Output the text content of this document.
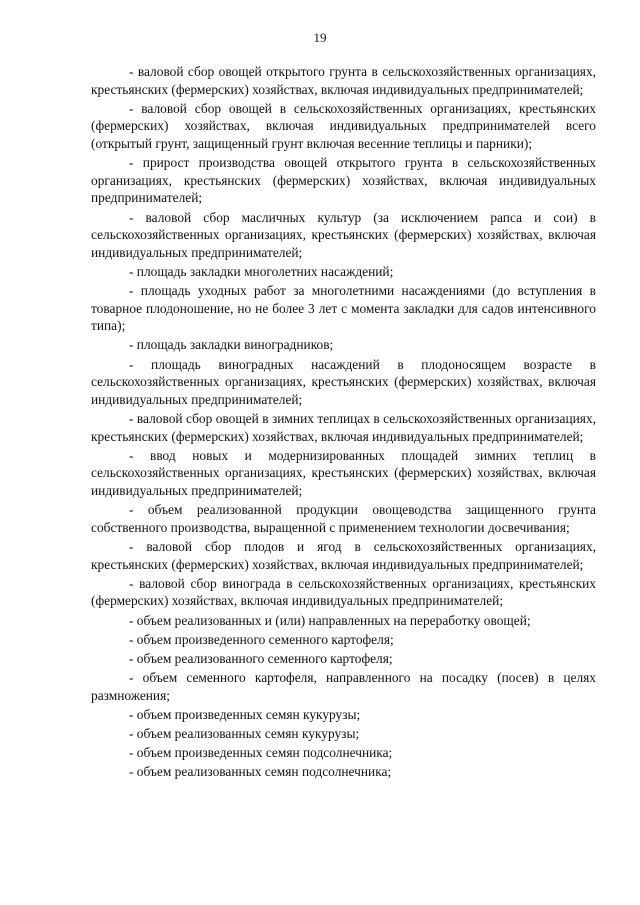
19

- валовой сбор овощей открытого грунта в сельскохозяйственных организациях, крестьянских (фермерских) хозяйствах, включая индивидуальных предпринимателей;

- валовой сбор овощей в сельскохозяйственных организациях, крестьянских (фермерских) хозяйствах, включая индивидуальных предпринимателей всего (открытый грунт, защищенный грунт включая весенние теплицы и парники);

- прирост производства овощей открытого грунта в сельскохозяйственных организациях, крестьянских (фермерских) хозяйствах, включая индивидуальных предпринимателей;

- валовой сбор масличных культур (за исключением рапса и сои) в сельскохозяйственных организациях, крестьянских (фермерских) хозяйствах, включая индивидуальных предпринимателей;

- площадь закладки многолетних насаждений;

- площадь уходных работ за многолетними насаждениями (до вступления в товарное плодоношение, но не более 3 лет с момента закладки для садов интенсивного типа);

- площадь закладки виноградников;

- площадь виноградных насаждений в плодоносящем возрасте в сельскохозяйственных организациях, крестьянских (фермерских) хозяйствах, включая индивидуальных предпринимателей;

- валовой сбор овощей в зимних теплицах в сельскохозяйственных организациях, крестьянских (фермерских) хозяйствах, включая индивидуальных предпринимателей;

- ввод новых и модернизированных площадей зимних теплиц в сельскохозяйственных организациях, крестьянских (фермерских) хозяйствах, включая индивидуальных предпринимателей;

- объем реализованной продукции овощеводства защищенного грунта собственного производства, выращенной с применением технологии досвечивания;

- валовой сбор плодов и ягод в сельскохозяйственных организациях, крестьянских (фермерских) хозяйствах, включая индивидуальных предпринимателей;

- валовой сбор винограда в сельскохозяйственных организациях, крестьянских (фермерских) хозяйствах, включая индивидуальных предпринимателей;

- объем реализованных и (или) направленных на переработку овощей;

- объем произведенного семенного картофеля;

- объем реализованного семенного картофеля;

- объем семенного картофеля, направленного на посадку (посев) в целях размножения;

- объем произведенных семян кукурузы;

- объем реализованных семян кукурузы;

- объем произведенных семян подсолнечника;

- объем реализованных семян подсолнечника;
